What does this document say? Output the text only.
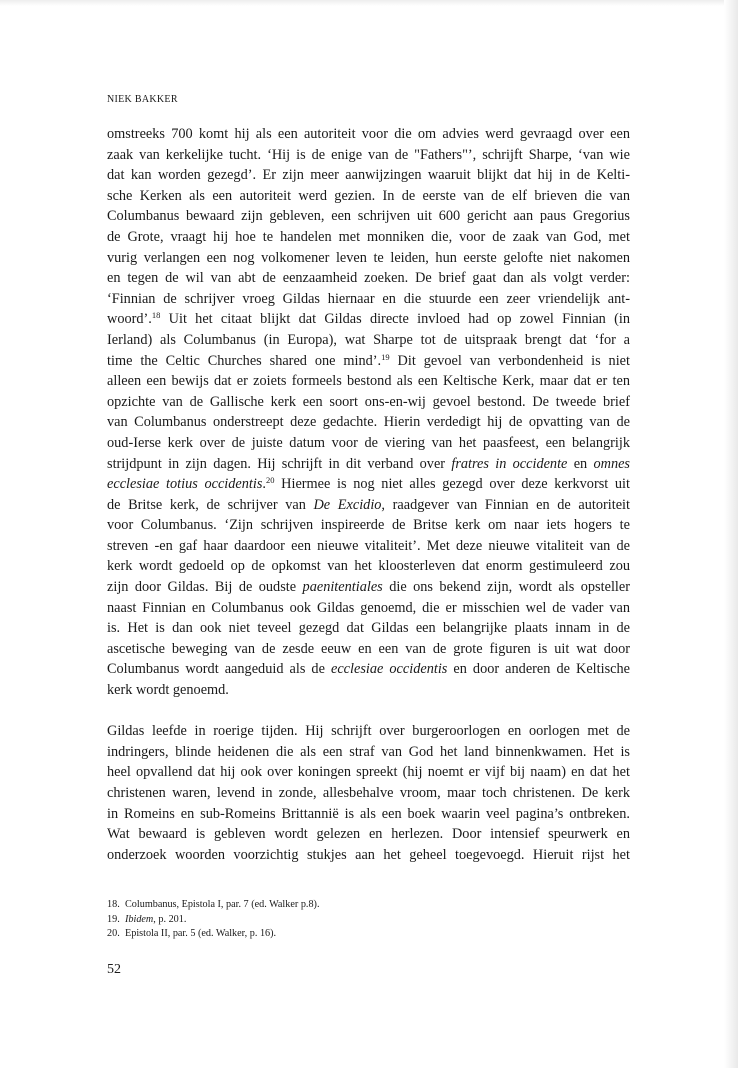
NIEK BAKKER

omstreeks 700 komt hij als een autoriteit voor die om advies werd gevraagd over een
zaak van kerkelijke tucht. ‘Hij is de enige van de "Fathers"’, schrijft Sharpe, ‘van wie
dat kan worden gezegd’. Er zijn meer aanwijzingen waaruit blijkt dat hij in de Kelti-
sche Kerken als een autoriteit werd gezien. In de eerste van de elf brieven die van
Columbanus bewaard zijn gebleven, een schrijven uit 600 gericht aan paus Gregorius
de Grote, vraagt hij hoe te handelen met monniken die, voor de zaak van God, met
vurig verlangen een nog volkomener leven te leiden, hun eerste gelofte niet nakomen
en tegen de wil van abt de eenzaamheid zoeken. De brief gaat dan als volgt verder:
‘Finnian de schrijver vroeg Gildas hiernaar en die stuurde een zeer vriendelijk ant-
woord’.$^{18}$ Uit het citaat blijkt dat Gildas directe invloed had op zowel Finnian (in
Ierland) als Columbanus (in Europa), wat Sharpe tot de uitspraak brengt dat ‘for a
time the Celtic Churches shared one mind’.$^{19}$ Dit gevoel van verbondenheid is niet
alleen een bewijs dat er zoiets formeels bestond als een Keltische Kerk, maar dat er ten
opzichte van de Gallische kerk een soort ons-en-wij gevoel bestond. De tweede brief
van Columbanus onderstreept deze gedachte. Hierin verdedigt hij de opvatting van de
oud-Ierse kerk over de juiste datum voor de viering van het paasfeest, een belangrijk
strijdpunt in zijn dagen. Hij schrijft in dit verband over fratres in occidente en omnes
ecclesiae totius occidentis.$^{20}$ Hiermee is nog niet alles gezegd over deze kerkvorst uit
de Britse kerk, de schrijver van De Excidio, raadgever van Finnian en de autoriteit
voor Columbanus. ‘Zijn schrijven inspireerde de Britse kerk om naar iets hogers te
streven -en gaf haar daardoor een nieuwe vitaliteit’. Met deze nieuwe vitaliteit van de
kerk wordt gedoeld op de opkomst van het kloosterleven dat enorm gestimuleerd zou
zijn door Gildas. Bij de oudste paenitentiales die ons bekend zijn, wordt als opsteller
naast Finnian en Columbanus ook Gildas genoemd, die er misschien wel de vader van
is. Het is dan ook niet teveel gezegd dat Gildas een belangrijke plaats innam in de
ascetische beweging van de zesde eeuw en een van de grote figuren is uit wat door
Columbanus wordt aangeduid als de ecclesiae occidentis en door anderen de Keltische
kerk wordt genoemd.

Gildas leefde in roerige tijden. Hij schrijft over burgeroorlogen en oorlogen met de
indringers, blinde heidenen die als een straf van God het land binnenkwamen. Het is
heel opvallend dat hij ook over koningen spreekt (hij noemt er vijf bij naam) en dat het
christenen waren, levend in zonde, allesbehalve vroom, maar toch christenen. De kerk
in Romeins en sub-Romeins Brittannië is als een boek waarin veel pagina’s ontbreken.
Wat bewaard is gebleven wordt gelezen en herlezen. Door intensief speurwerk en
onderzoek woorden voorzichtig stukjes aan het geheel toegevoegd. Hieruit rijst het

18. Columbanus, Epistola I, par. 7 (ed. Walker p.8).
19. Ibidem, p. 201.
20. Epistola II, par. 5 (ed. Walker, p. 16).
52
